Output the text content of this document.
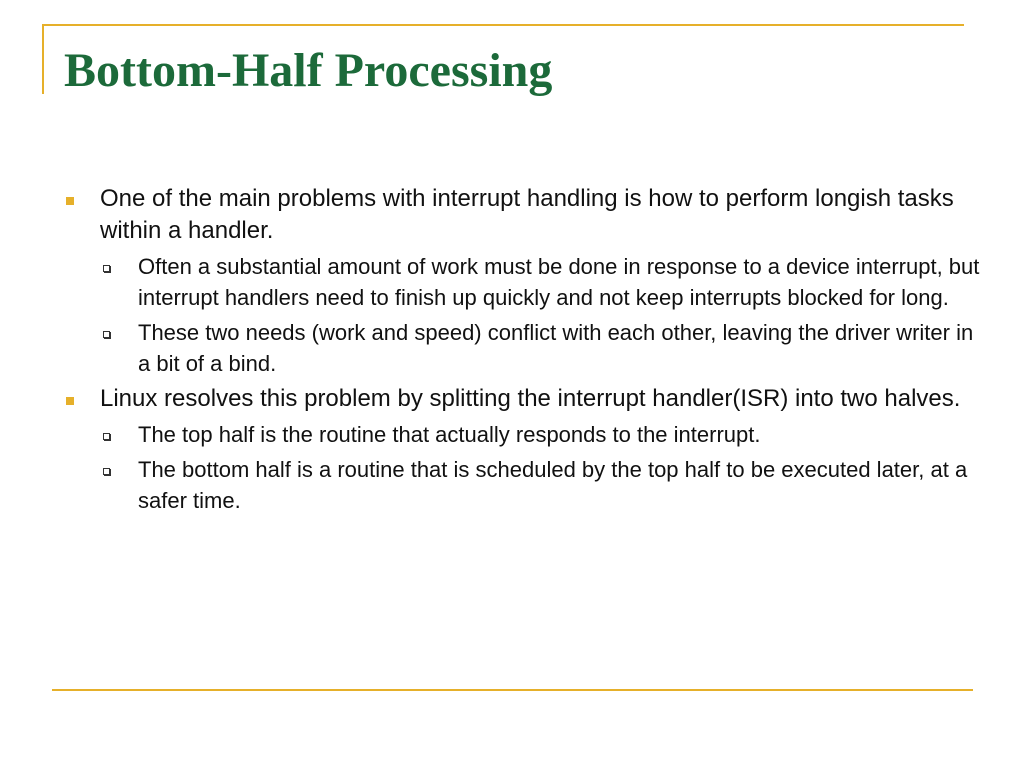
Bottom-Half Processing
One of the main problems with interrupt handling is how to perform longish tasks within a handler.
Often a substantial amount of work must be done in response to a device interrupt, but interrupt handlers need to finish up quickly and not keep interrupts blocked for long.
These two needs (work and speed) conflict with each other, leaving the driver writer in a bit of a bind.
Linux resolves this problem by splitting the interrupt handler(ISR) into two halves.
The top half is the routine that actually responds to the interrupt.
The bottom half is a routine that is scheduled by the top half to be executed later, at a safer time.
